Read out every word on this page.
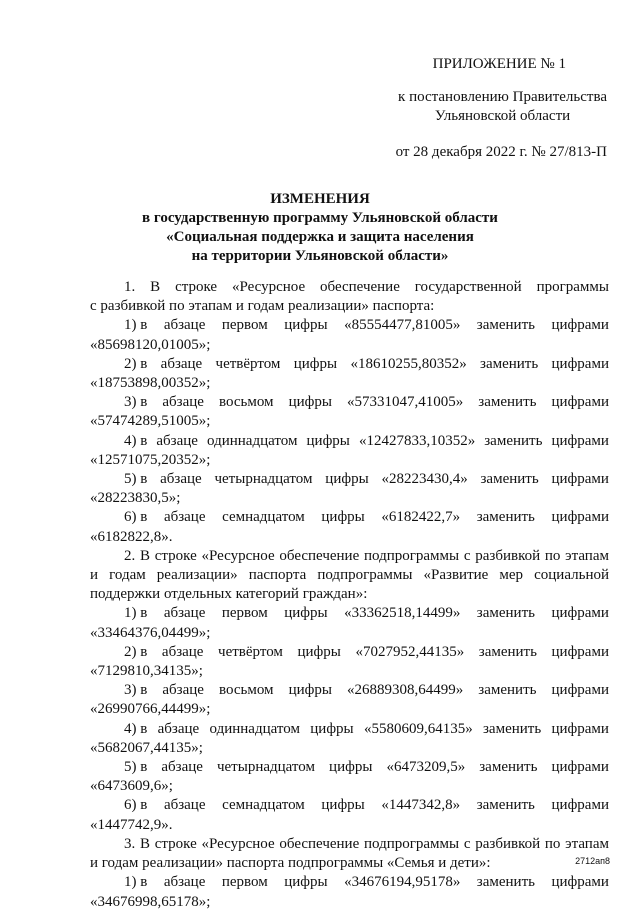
ПРИЛОЖЕНИЕ № 1
к постановлению Правительства
Ульяновской области
от 28 декабря 2022 г. № 27/813-П
ИЗМЕНЕНИЯ
в государственную программу Ульяновской области
«Социальная поддержка и защита населения
на территории Ульяновской области»
1. В строке «Ресурсное обеспечение государственной программы
с разбивкой по этапам и годам реализации» паспорта:
1) в абзаце первом цифры «85554477,81005» заменить цифрами
«85698120,01005»;
2) в абзаце четвёртом цифры «18610255,80352» заменить цифрами
«18753898,00352»;
3) в абзаце восьмом цифры «57331047,41005» заменить цифрами
«57474289,51005»;
4) в абзаце одиннадцатом цифры «12427833,10352» заменить цифрами
«12571075,20352»;
5) в абзаце четырнадцатом цифры «28223430,4» заменить цифрами
«28223830,5»;
6) в абзаце семнадцатом цифры «6182422,7» заменить цифрами
«6182822,8».
2. В строке «Ресурсное обеспечение подпрограммы с разбивкой по этапам
и годам реализации» паспорта подпрограммы «Развитие мер социальной
поддержки отдельных категорий граждан»:
1) в абзаце первом цифры «33362518,14499» заменить цифрами
«33464376,04499»;
2) в абзаце четвёртом цифры «7027952,44135» заменить цифрами
«7129810,34135»;
3) в абзаце восьмом цифры «26889308,64499» заменить цифрами
«26990766,44499»;
4) в абзаце одиннадцатом цифры «5580609,64135» заменить цифрами
«5682067,44135»;
5) в абзаце четырнадцатом цифры «6473209,5» заменить цифрами
«6473609,6»;
6) в абзаце семнадцатом цифры «1447342,8» заменить цифрами
«1447742,9».
3. В строке «Ресурсное обеспечение подпрограммы с разбивкой по этапам
и годам реализации» паспорта подпрограммы «Семья и дети»:
1) в абзаце первом цифры «34676194,95178» заменить цифрами
«34676998,65178»;
2712ап8
